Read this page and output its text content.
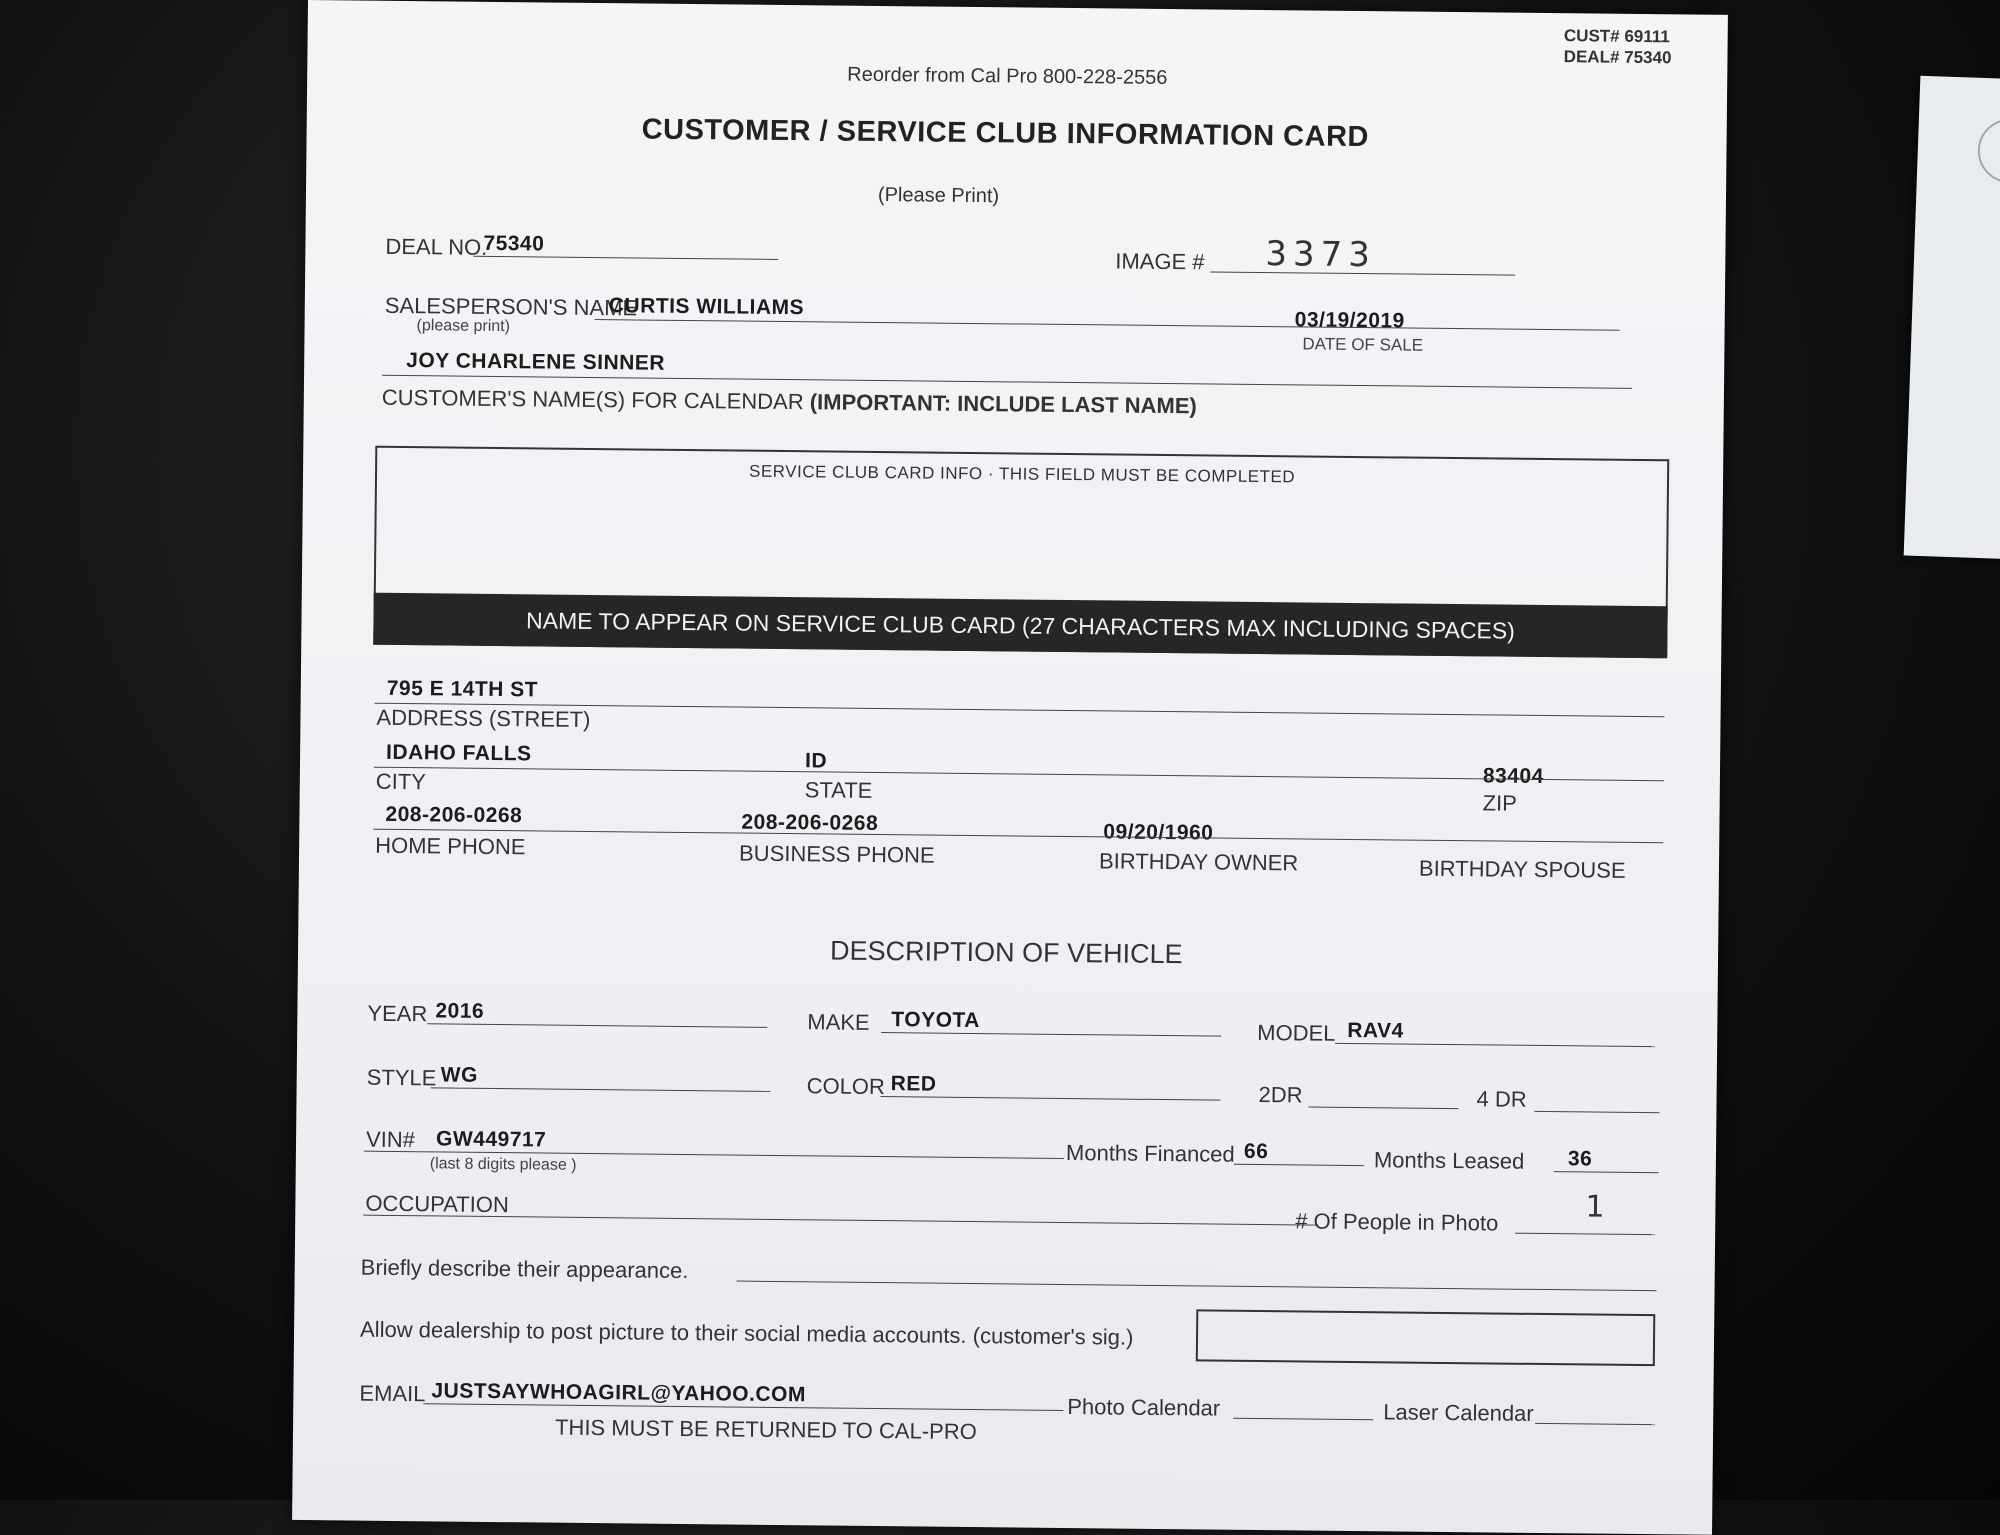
CUST# 69111
DEAL# 75340
Reorder from Cal Pro 800-228-2556
CUSTOMER / SERVICE CLUB INFORMATION CARD
(Please Print)
DEAL NO.
75340
IMAGE # 3373
SALESPERSON'S NAME
(please print)
CURTIS WILLIAMS
03/19/2019
DATE OF SALE
JOY CHARLENE SINNER
CUSTOMER'S NAME(S) FOR CALENDAR (IMPORTANT: INCLUDE LAST NAME)
SERVICE CLUB CARD INFO · THIS FIELD MUST BE COMPLETED
NAME TO APPEAR ON SERVICE CLUB CARD (27 CHARACTERS MAX INCLUDING SPACES)
795 E 14TH ST
ADDRESS (STREET)
IDAHO FALLS	ID
83404
CITY	STATE
ZIP
208-206-0268	208-206-0268	09/20/1960
HOME PHONE	BUSINESS PHONE	BIRTHDAY OWNER	BIRTHDAY SPOUSE
DESCRIPTION OF VEHICLE
YEAR 2016	MAKE TOYOTA	MODEL RAV4
STYLE WG	COLOR RED	2DR	4 DR
VIN# GW449717
(last 8 digits please )	Months Financed 66	Months Leased 36
OCCUPATION
# Of People in Photo	1
Briefly describe their appearance.
Allow dealership to post picture to their social media accounts. (customer's sig.)
EMAIL JUSTSAYWHOAGIRL@YAHOO.COM
Photo Calendar	Laser Calendar
THIS MUST BE RETURNED TO CAL-PRO
